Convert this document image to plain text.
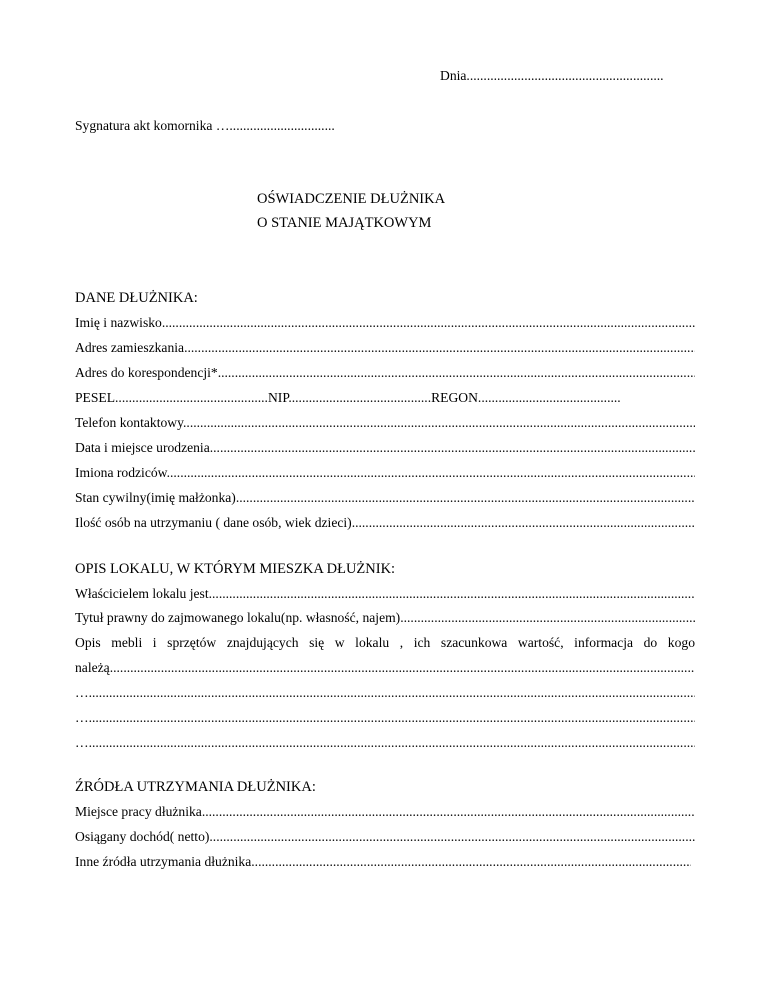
Dnia..........................................................
Sygnatura akt komornika …...............................
OŚWIADCZENIE DŁUŻNIKA
O STANIE MAJĄTKOWYM
DANE DŁUŻNIKA:
Imię i nazwisko .....
Adres zamieszkania .....
Adres do korespondencji* .....
PESEL.............................................NIP..........................................REGON..........................................
Telefon kontaktowy .....
Data i miejsce urodzenia .....
Imiona rodziców .....
Stan cywilny(imię małżonka) .....
Ilość osób na utrzymaniu ( dane osób, wiek dzieci) .....
OPIS LOKALU, W KTÓRYM MIESZKA DŁUŻNIK:
Właścicielem lokalu jest .....
Tytuł prawny do zajmowanego lokalu(np. własność, najem) .....
Opis mebli i sprzętów znajdujących się w lokalu , ich szacunkowa wartość, informacja do kogo
należą .....
… .....
… .....
… .....
ŹRÓDŁA UTRZYMANIA DŁUŻNIKA:
Miejsce pracy dłużnika .....
Osiągany dochód( netto) .....
Inne źródła utrzymania dłużnika .....
